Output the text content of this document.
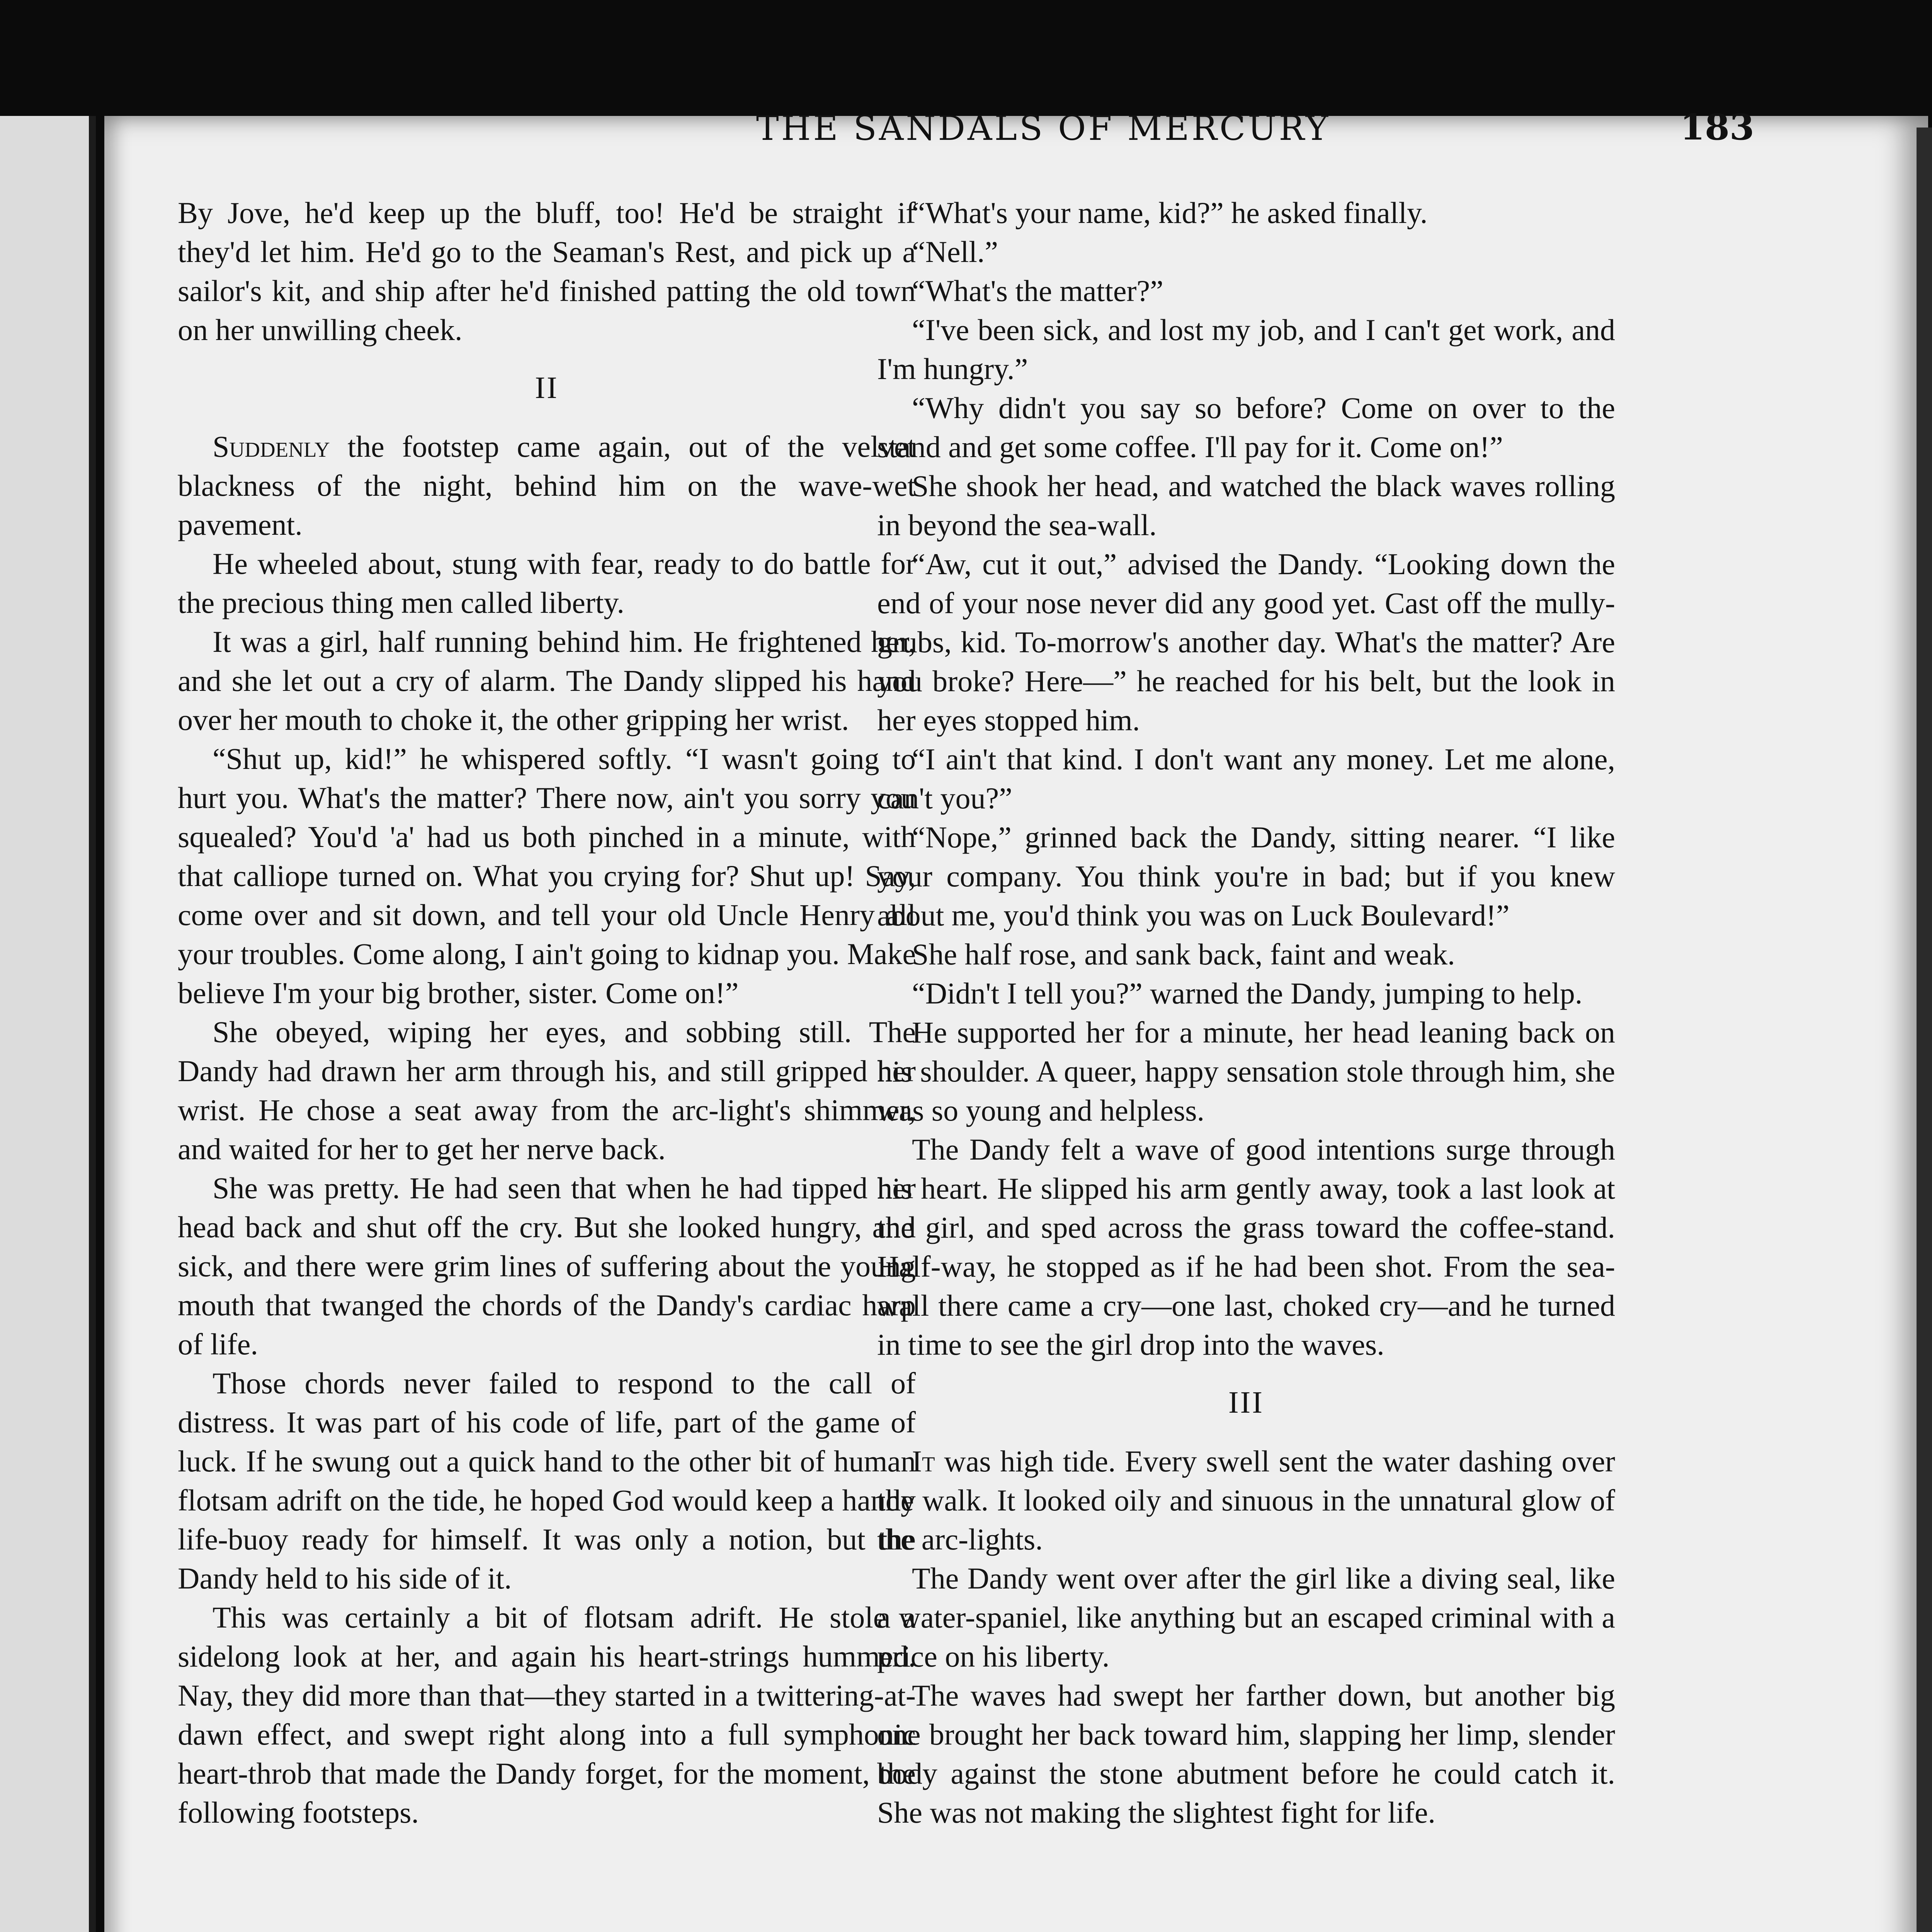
THE SANDALS OF MERCURY	183

By Jove, he'd keep up the bluff, too! He'd be straight if they'd let him. He'd go to the Seaman's Rest, and pick up a sailor's kit, and ship after he'd finished patting the old town on her unwilling cheek.

II

Suddenly the footstep came again, out of the velvet blackness of the night, behind him on the wave-wet pavement.

He wheeled about, stung with fear, ready to do battle for the precious thing men called liberty.

It was a girl, half running behind him. He frightened her, and she let out a cry of alarm. The Dandy slipped his hand over her mouth to choke it, the other gripping her wrist.

“Shut up, kid!” he whispered softly. “I wasn't going to hurt you. What's the matter? There now, ain't you sorry you squealed? You'd 'a' had us both pinched in a minute, with that calliope turned on. What you crying for? Shut up! Say, come over and sit down, and tell your old Uncle Henry all your troubles. Come along, I ain't going to kidnap you. Make believe I'm your big brother, sister. Come on!”

She obeyed, wiping her eyes, and sobbing still. The Dandy had drawn her arm through his, and still gripped her wrist. He chose a seat away from the arc-light's shimmer, and waited for her to get her nerve back.

She was pretty. He had seen that when he had tipped her head back and shut off the cry. But she looked hungry, and sick, and there were grim lines of suffering about the young mouth that twanged the chords of the Dandy's cardiac harp of life.

Those chords never failed to respond to the call of distress. It was part of his code of life, part of the game of luck. If he swung out a quick hand to the other bit of human flotsam adrift on the tide, he hoped God would keep a handy life-buoy ready for himself. It was only a notion, but the Dandy held to his side of it.

This was certainly a bit of flotsam adrift. He stole a sidelong look at her, and again his heart-strings hummed. Nay, they did more than that—they started in a twittering-at-dawn effect, and swept right along into a full symphonic heart-throb that made the Dandy forget, for the moment, the following footsteps.

“What's your name, kid?” he asked finally.

“Nell.”

“What's the matter?”

“I've been sick, and lost my job, and I can't get work, and I'm hungry.”

“Why didn't you say so before? Come on over to the stand and get some coffee. I'll pay for it. Come on!”

She shook her head, and watched the black waves rolling in beyond the sea-wall.

“Aw, cut it out,” advised the Dandy. “Looking down the end of your nose never did any good yet. Cast off the mully-grubs, kid. To-morrow's another day. What's the matter? Are you broke? Here—” he reached for his belt, but the look in her eyes stopped him.

“I ain't that kind. I don't want any money. Let me alone, can't you?”

“Nope,” grinned back the Dandy, sitting nearer. “I like your company. You think you're in bad; but if you knew about me, you'd think you was on Luck Boulevard!”

She half rose, and sank back, faint and weak.

“Didn't I tell you?” warned the Dandy, jumping to help.

He supported her for a minute, her head leaning back on his shoulder. A queer, happy sensation stole through him, she was so young and helpless.

The Dandy felt a wave of good intentions surge through his heart. He slipped his arm gently away, took a last look at the girl, and sped across the grass toward the coffee-stand. Half-way, he stopped as if he had been shot. From the sea-wall there came a cry—one last, choked cry—and he turned in time to see the girl drop into the waves.

III

It was high tide. Every swell sent the water dashing over the walk. It looked oily and sinuous in the unnatural glow of the arc-lights.

The Dandy went over after the girl like a diving seal, like a water-spaniel, like anything but an escaped criminal with a price on his liberty.

The waves had swept her farther down, but another big one brought her back toward him, slapping her limp, slender body against the stone abutment before he could catch it. She was not making the slightest fight for life.
